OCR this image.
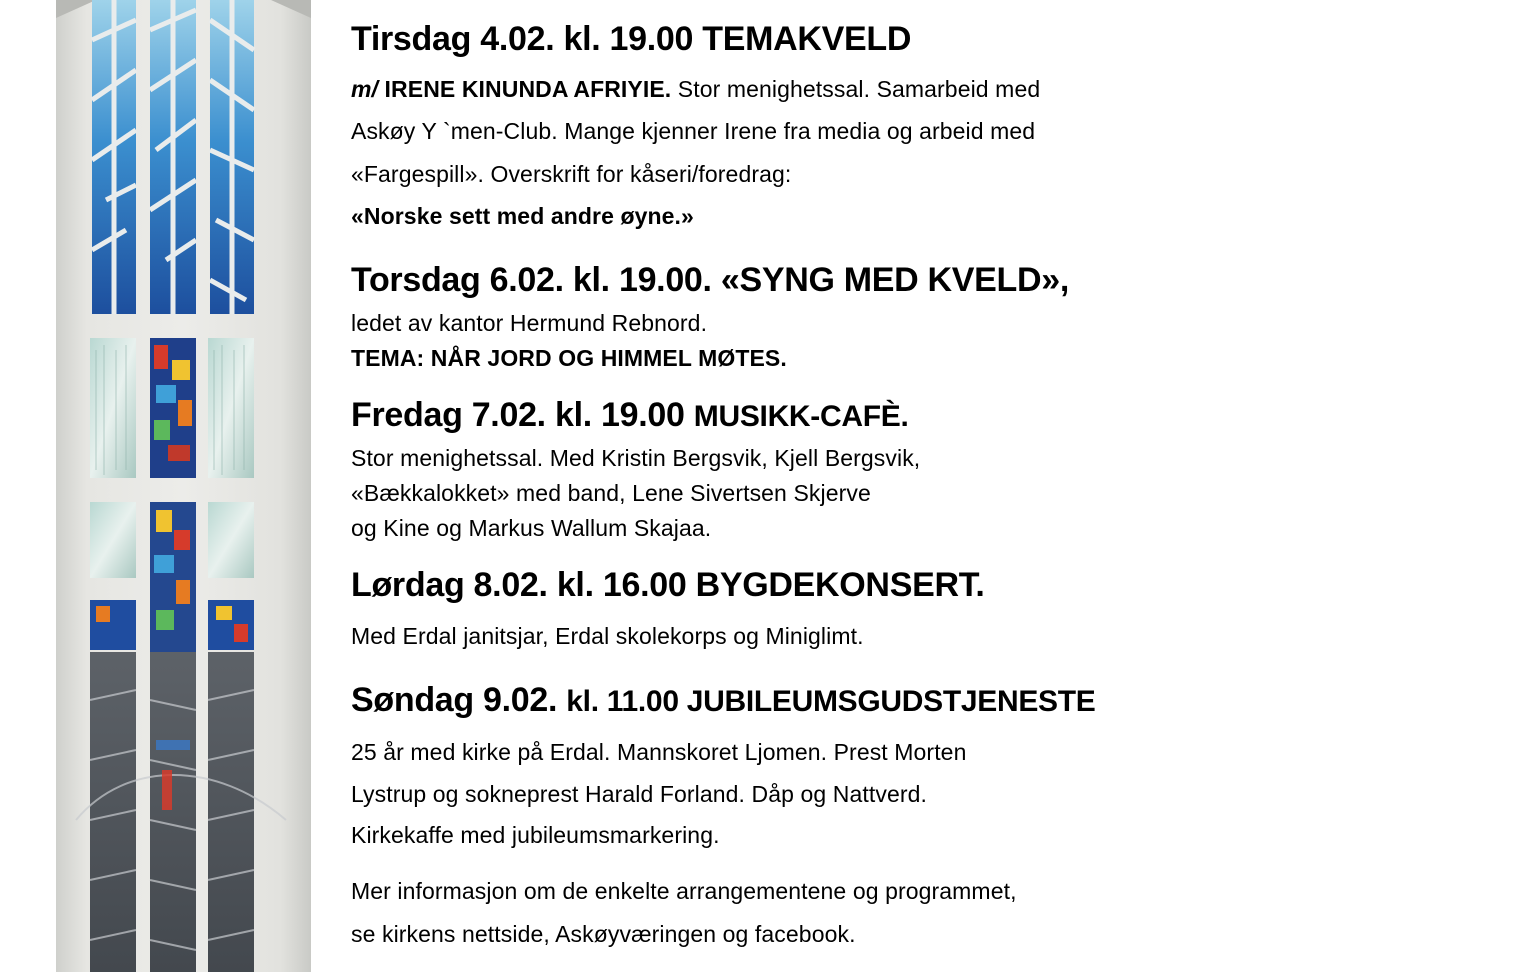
Tirsdag 4.02. kl. 19.00 TEMAKVELD
m/ IRENE KINUNDA AFRIYIE. Stor menighetssal. Samarbeid med
Askøy Y `men-Club. Mange kjenner Irene fra media og arbeid med
«Fargespill». Overskrift for kåseri/foredrag:
«Norske sett med andre øyne.»
Torsdag 6.02. kl. 19.00. «SYNG MED KVELD»,
ledet av kantor Hermund Rebnord.
TEMA: NÅR JORD OG HIMMEL MØTES.
Fredag 7.02. kl. 19.00 MUSIKK-CAFÈ.
Stor menighetssal. Med Kristin Bergsvik, Kjell Bergsvik,
«Bækkalokket» med band, Lene Sivertsen Skjerve
og Kine og Markus Wallum Skajaa.
Lørdag 8.02. kl. 16.00 BYGDEKONSERT.
Med Erdal janitsjar, Erdal skolekorps og Miniglimt.
Søndag 9.02. kl. 11.00 JUBILEUMSGUDSTJENESTE
25 år med kirke på Erdal. Mannskoret Ljomen. Prest Morten
Lystrup og sokneprest Harald Forland. Dåp og Nattverd.
Kirkekaffe med jubileumsmarkering.
Mer informasjon om de enkelte arrangementene og programmet,
se kirkens nettside, Askøyværingen og facebook.
